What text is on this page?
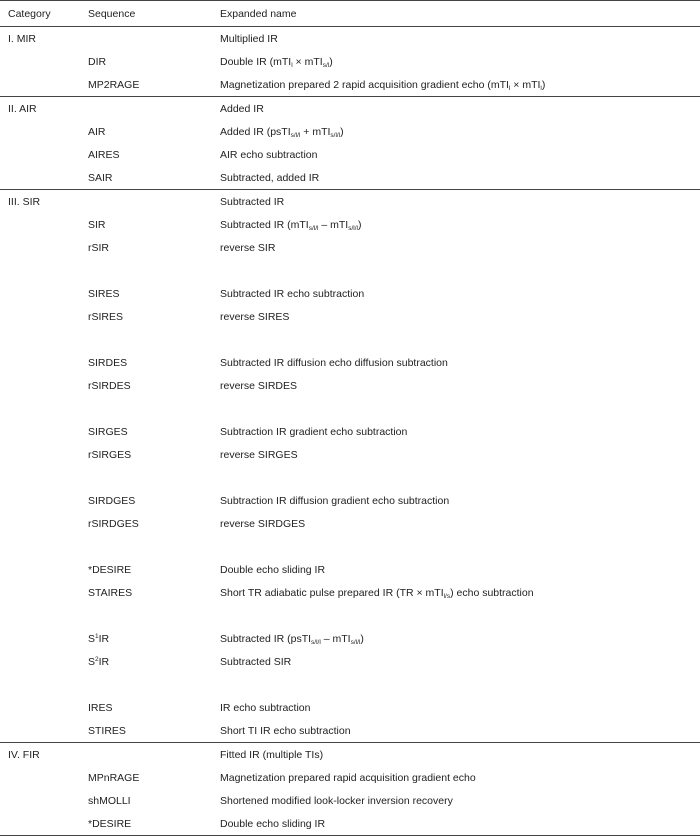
Category	Sequence	Expanded name
I. MIR		Multiplied IR
	DIR	Double IR (mTI$_l$ × mTI$_{s/l}$)
	MP2RAGE	Magnetization prepared 2 rapid acquisition gradient echo (mTI$_l$ × mTI$_l$)
II. AIR		Added IR
	AIR	Added IR (psTI$_{s/l/l}$ + mTI$_{s/l/l}$)
	AIRES	AIR echo subtraction
	SAIR	Subtracted, added IR
III. SIR		Subtracted IR
	SIR	Subtracted IR (mTI$_{s/l/l}$ – mTI$_{s/l/l}$)
	rSIR	reverse SIR

	SIRES	Subtracted IR echo subtraction
	rSIRES	reverse SIRES

	SIRDES	Subtracted IR diffusion echo diffusion subtraction
	rSIRDES	reverse SIRDES

	SIRGES	Subtraction IR gradient echo subtraction
	rSIRGES	reverse SIRGES

	SIRDGES	Subtraction IR diffusion gradient echo subtraction
	rSIRDGES	reverse SIRDGES

	*DESIRE	Double echo sliding IR
	STAIRES	Short TR adiabatic pulse prepared IR (TR × mTI$_{l/s}$) echo subtraction

	$S^1IR$	Subtracted IR (psTI$_{s/l/l}$ – mTI$_{s/l/l}$)
	$S^2IR$	Subtracted SIR

	IRES	IR echo subtraction
	STIRES	Short TI IR echo subtraction
IV. FIR		Fitted IR (multiple TIs)
	MPnRAGE	Magnetization prepared rapid acquisition gradient echo
	shMOLLI	Shortened modified look-locker inversion recovery
	*DESIRE	Double echo sliding IR
